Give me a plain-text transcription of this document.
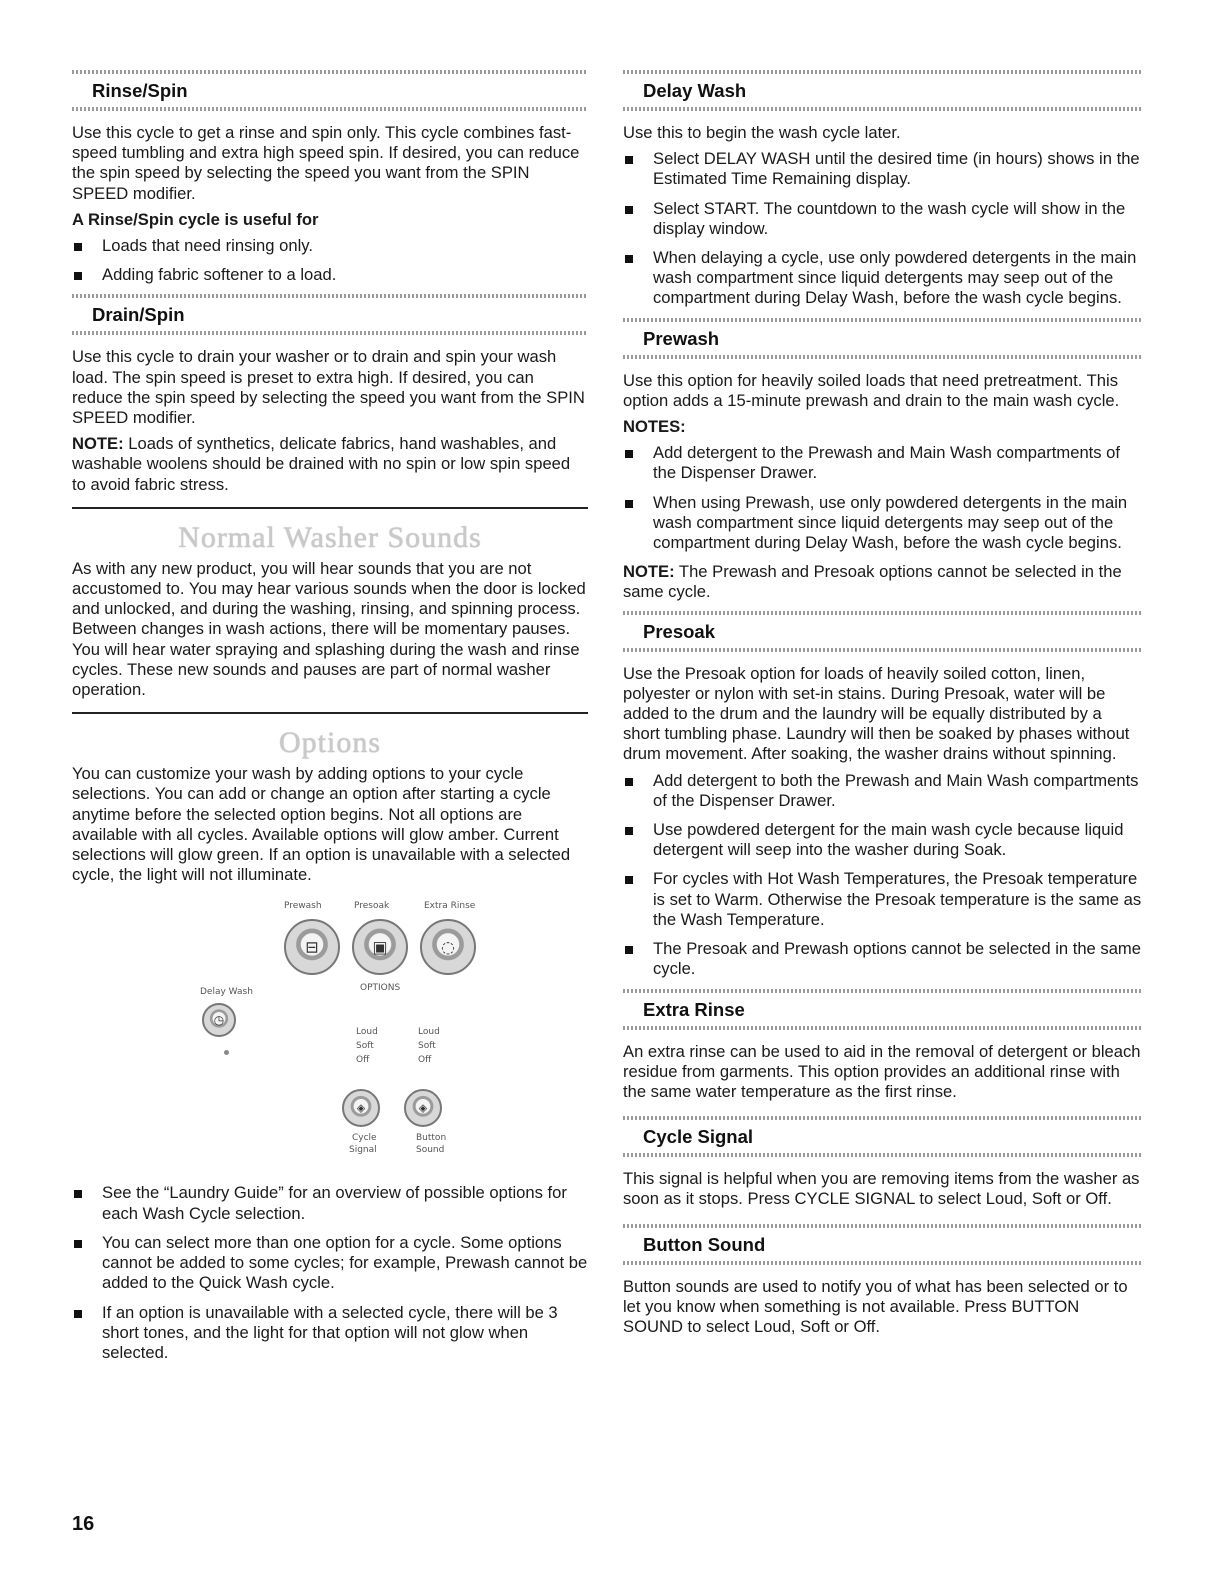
Rinse/Spin

Use this cycle to get a rinse and spin only. This cycle combines fast-speed tumbling and extra high speed spin. If desired, you can reduce the spin speed by selecting the speed you want from the SPIN SPEED modifier.

A Rinse/Spin cycle is useful for

Loads that need rinsing only.
Adding fabric softener to a load.
Drain/Spin

Use this cycle to drain your washer or to drain and spin your wash load. The spin speed is preset to extra high. If desired, you can reduce the spin speed by selecting the speed you want from the SPIN SPEED modifier.

NOTE: Loads of synthetics, delicate fabrics, hand washables, and washable woolens should be drained with no spin or low spin speed to avoid fabric stress.

Normal Washer Sounds

As with any new product, you will hear sounds that you are not accustomed to. You may hear various sounds when the door is locked and unlocked, and during the washing, rinsing, and spinning process. Between changes in wash actions, there will be momentary pauses. You will hear water spraying and splashing during the wash and rinse cycles. These new sounds and pauses are part of normal washer operation.

Options

You can customize your wash by adding options to your cycle selections. You can add or change an option after starting a cycle anytime before the selected option begins. Not all options are available with all cycles. Available options will glow amber. Current selections will glow green. If an option is unavailable with a selected cycle, the light will not illuminate.

Prewash	Presoak	Extra Rinse
⊟	▣	◌
OPTIONS
Delay Wash
◷
Loud
Soft
Off
Loud
Soft
Off
◈	◈
Cycle
Signal
Button
Sound
See the “Laundry Guide” for an overview of possible options for each Wash Cycle selection.
You can select more than one option for a cycle. Some options cannot be added to some cycles; for example, Prewash cannot be added to the Quick Wash cycle.
If an option is unavailable with a selected cycle, there will be 3 short tones, and the light for that option will not glow when selected.
Delay Wash

Use this to begin the wash cycle later.

Select DELAY WASH until the desired time (in hours) shows in the Estimated Time Remaining display.
Select START. The countdown to the wash cycle will show in the display window.
When delaying a cycle, use only powdered detergents in the main wash compartment since liquid detergents may seep out of the compartment during Delay Wash, before the wash cycle begins.
Prewash

Use this option for heavily soiled loads that need pretreatment. This option adds a 15-minute prewash and drain to the main wash cycle.

NOTES:

Add detergent to the Prewash and Main Wash compartments of the Dispenser Drawer.
When using Prewash, use only powdered detergents in the main wash compartment since liquid detergents may seep out of the compartment during Delay Wash, before the wash cycle begins.

NOTE: The Prewash and Presoak options cannot be selected in the same cycle.

Presoak

Use the Presoak option for loads of heavily soiled cotton, linen, polyester or nylon with set-in stains. During Presoak, water will be added to the drum and the laundry will be equally distributed by a short tumbling phase. Laundry will then be soaked by phases without drum movement. After soaking, the washer drains without spinning.

Add detergent to both the Prewash and Main Wash compartments of the Dispenser Drawer.
Use powdered detergent for the main wash cycle because liquid detergent will seep into the washer during Soak.
For cycles with Hot Wash Temperatures, the Presoak temperature is set to Warm. Otherwise the Presoak temperature is the same as the Wash Temperature.
The Presoak and Prewash options cannot be selected in the same cycle.
Extra Rinse

An extra rinse can be used to aid in the removal of detergent or bleach residue from garments. This option provides an additional rinse with the same water temperature as the first rinse.

Cycle Signal

This signal is helpful when you are removing items from the washer as soon as it stops. Press CYCLE SIGNAL to select Loud, Soft or Off.

Button Sound

Button sounds are used to notify you of what has been selected or to let you know when something is not available. Press BUTTON SOUND to select Loud, Soft or Off.

16
